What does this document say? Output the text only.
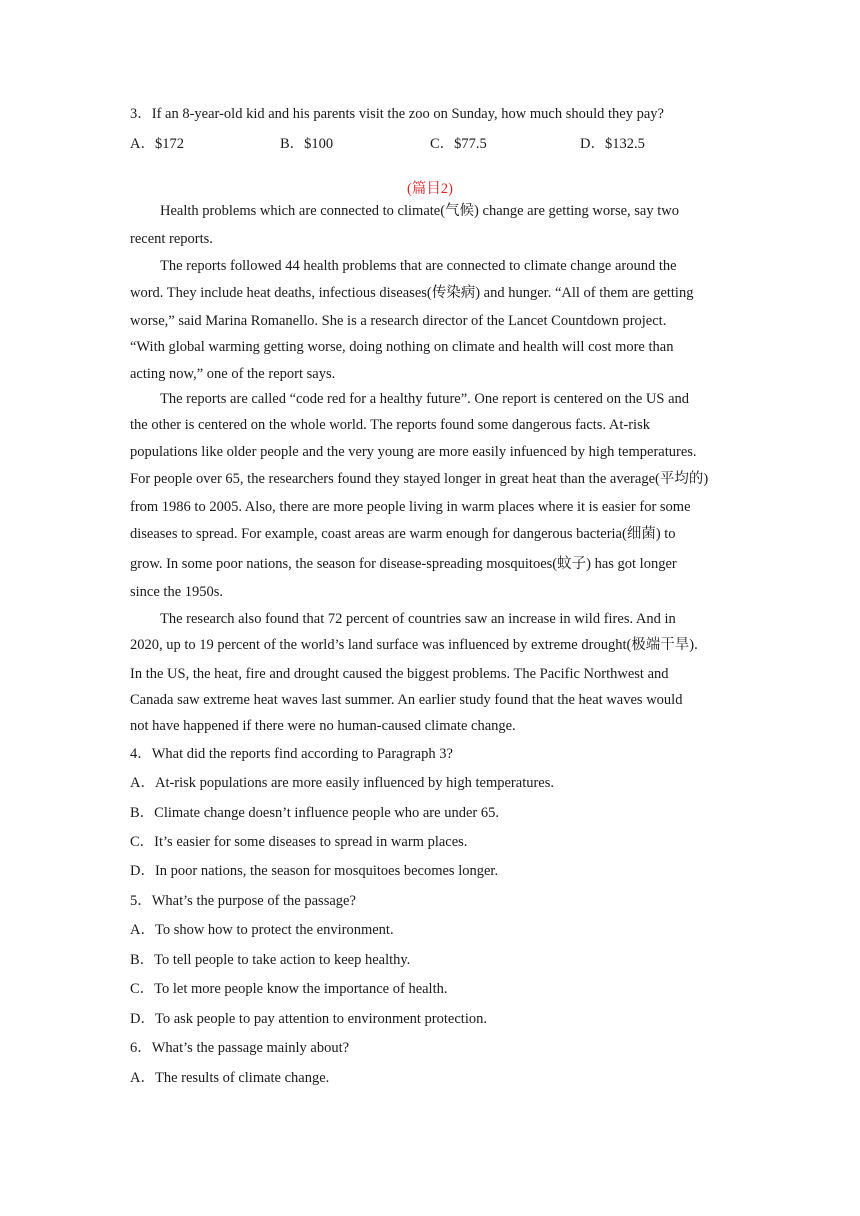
3．If an 8-year-old kid and his parents visit the zoo on Sunday, how much should they pay?
A．$172	B．$100	C．$77.5	D．$132.5
(篇目2)
Health problems which are connected to climate(气候) change are getting worse, say two
recent reports.
The reports followed 44 health problems that are connected to climate change around the
word. They include heat deaths, infectious diseases(传染病) and hunger. “All of them are getting
worse,” said Marina Romanello. She is a research director of the Lancet Countdown project.
“With global warming getting worse, doing nothing on climate and health will cost more than
acting now,” one of the report says.
The reports are called “code red for a healthy future”. One report is centered on the US and
the other is centered on the whole world. The reports found some dangerous facts. At-risk
populations like older people and the very young are more easily infuenced by high temperatures.
For people over 65, the researchers found they stayed longer in great heat than the average(平均的)
from 1986 to 2005. Also, there are more people living in warm places where it is easier for some
diseases to spread. For example, coast areas are warm enough for dangerous bacteria(细菌) to
grow. In some poor nations, the season for disease-spreading mosquitoes(蚊子) has got longer
since the 1950s.
The research also found that 72 percent of countries saw an increase in wild fires. And in
2020, up to 19 percent of the world’s land surface was influenced by extreme drought(极端干旱).
In the US, the heat, fire and drought caused the biggest problems. The Pacific Northwest and
Canada saw extreme heat waves last summer. An earlier study found that the heat waves would
not have happened if there were no human-caused climate change.
4．What did the reports find according to Paragraph 3?
A．At-risk populations are more easily influenced by high temperatures.
B．Climate change doesn’t influence people who are under 65.
C．It’s easier for some diseases to spread in warm places.
D．In poor nations, the season for mosquitoes becomes longer.
5．What’s the purpose of the passage?
A．To show how to protect the environment.
B．To tell people to take action to keep healthy.
C．To let more people know the importance of health.
D．To ask people to pay attention to environment protection.
6．What’s the passage mainly about?
A．The results of climate change.
